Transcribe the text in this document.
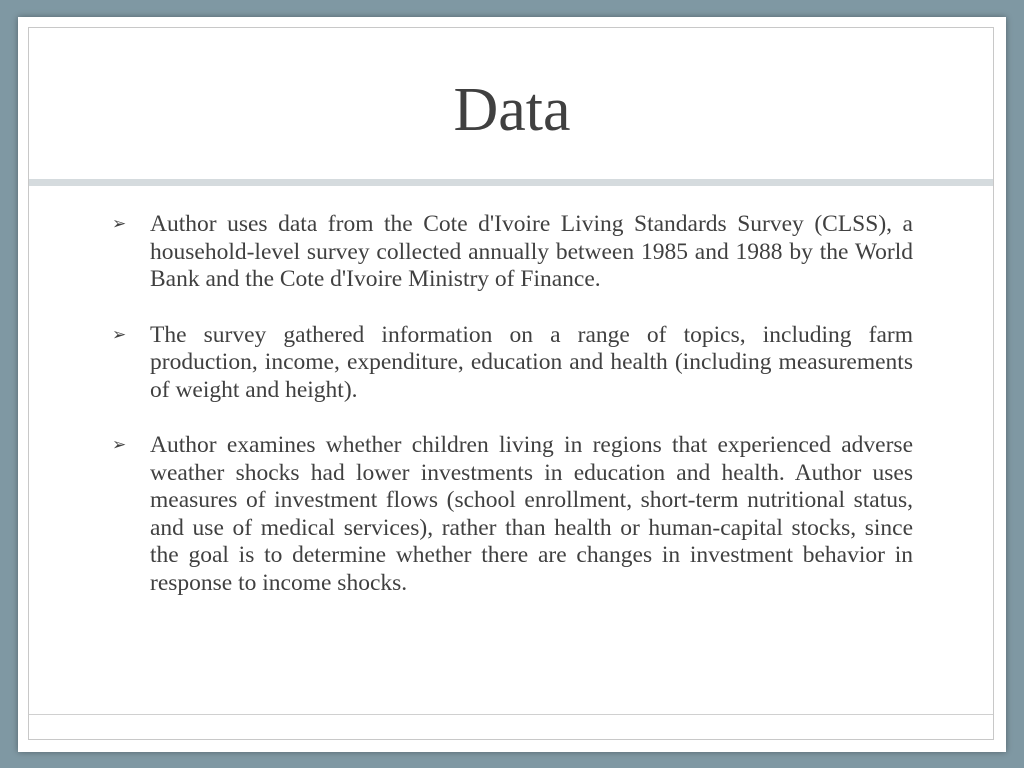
Data
➢ Author uses data from the Cote d'Ivoire Living Standards Survey (CLSS), a household-level survey collected annually between 1985 and 1988 by the World Bank and the Cote d'Ivoire Ministry of Finance.
➢ The survey gathered information on a range of topics, including farm production, income, expenditure, education and health (including measurements of weight and height).
➢ Author examines whether children living in regions that experienced adverse weather shocks had lower investments in education and health. Author uses measures of investment flows (school enrollment, short-term nutritional status, and use of medical services), rather than health or human-capital stocks, since the goal is to determine whether there are changes in investment behavior in response to income shocks.
